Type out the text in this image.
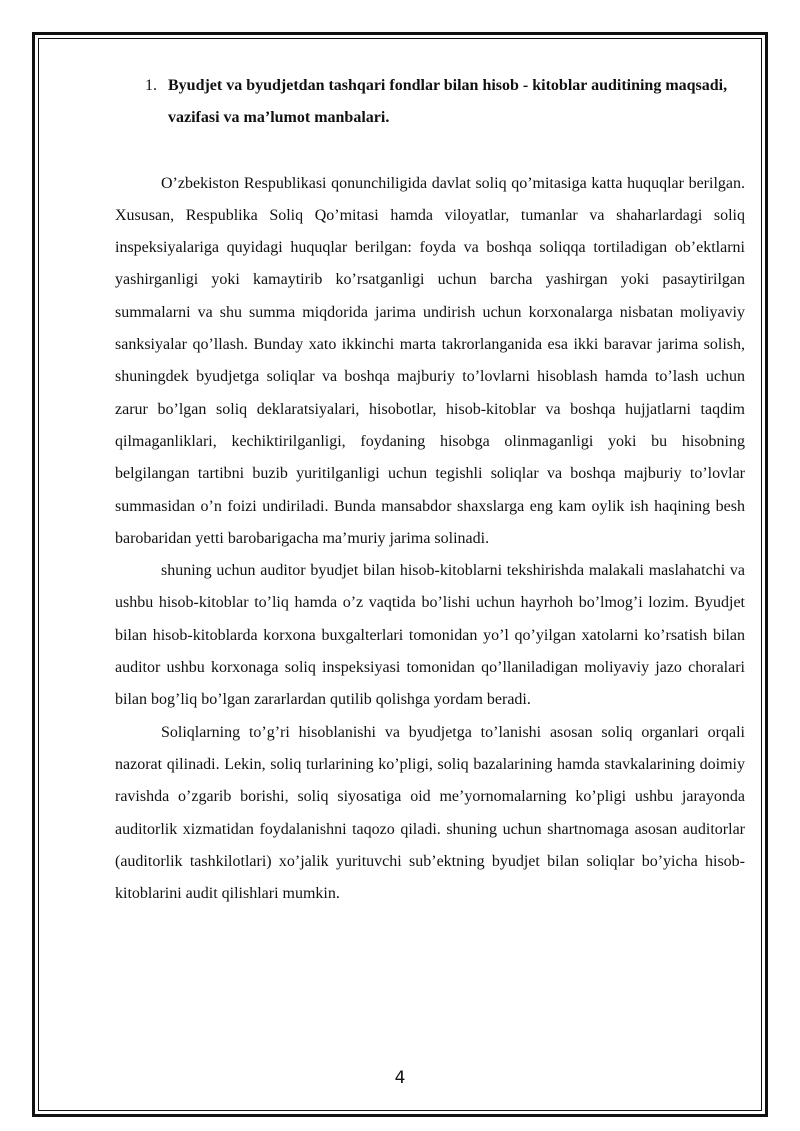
1. Byudjet va byudjetdan tashqari fondlar bilan hisob - kitoblar auditining maqsadi, vazifasi va ma’lumot manbalari.

O’zbekiston Respublikasi qonunchiligida davlat soliq qo’mitasiga katta huquqlar berilgan. Xususan, Respublika Soliq Qo’mitasi hamda viloyatlar, tumanlar va shaharlardagi soliq inspeksiyalariga quyidagi huquqlar berilgan: foyda va boshqa soliqqa tortiladigan ob’ektlarni yashirganligi yoki kamaytirib ko’rsatganligi uchun barcha yashirgan yoki pasaytirilgan summalarni va shu summa miqdorida jarima undirish uchun korxonalarga nisbatan moliyaviy sanksiyalar qo’llash. Bunday xato ikkinchi marta takrorlanganida esa ikki baravar jarima solish, shuningdek byudjetga soliqlar va boshqa majburiy to’lovlarni hisoblash hamda to’lash uchun zarur bo’lgan soliq deklaratsiyalari, hisobotlar, hisob-kitoblar va boshqa hujjatlarni taqdim qilmaganliklari, kechiktirilganligi, foydaning hisobga olinmaganligi yoki bu hisobning belgilangan tartibni buzib yuritilganligi uchun tegishli soliqlar va boshqa majburiy to’lovlar summasidan o’n foizi undiriladi. Bunda mansabdor shaxslarga eng kam oylik ish haqining besh barobaridan yetti barobarigacha ma’muriy jarima solinadi.

shuning uchun auditor byudjet bilan hisob-kitoblarni tekshirishda malakali maslahatchi va ushbu hisob-kitoblar to’liq hamda o’z vaqtida bo’lishi uchun hayrhoh bo’lmog’i lozim. Byudjet bilan hisob-kitoblarda korxona buxgalterlari tomonidan yo’l qo’yilgan xatolarni ko’rsatish bilan auditor ushbu korxonaga soliq inspeksiyasi tomonidan qo’llaniladigan moliyaviy jazo choralari bilan bog’liq bo’lgan zararlardan qutilib qolishga yordam beradi.

Soliqlarning to’g’ri hisoblanishi va byudjetga to’lanishi asosan soliq organlari orqali nazorat qilinadi. Lekin, soliq turlarining ko’pligi, soliq bazalarining hamda stavkalarining doimiy ravishda o’zgarib borishi, soliq siyosatiga oid me’yornomalarning ko’pligi ushbu jarayonda auditorlik xizmatidan foydalanishni taqozo qiladi. shuning uchun shartnomaga asosan auditorlar (auditorlik tashkilotlari) xo’jalik yurituvchi sub’ektning byudjet bilan soliqlar bo’yicha hisob-kitoblarini audit qilishlari mumkin.

4
